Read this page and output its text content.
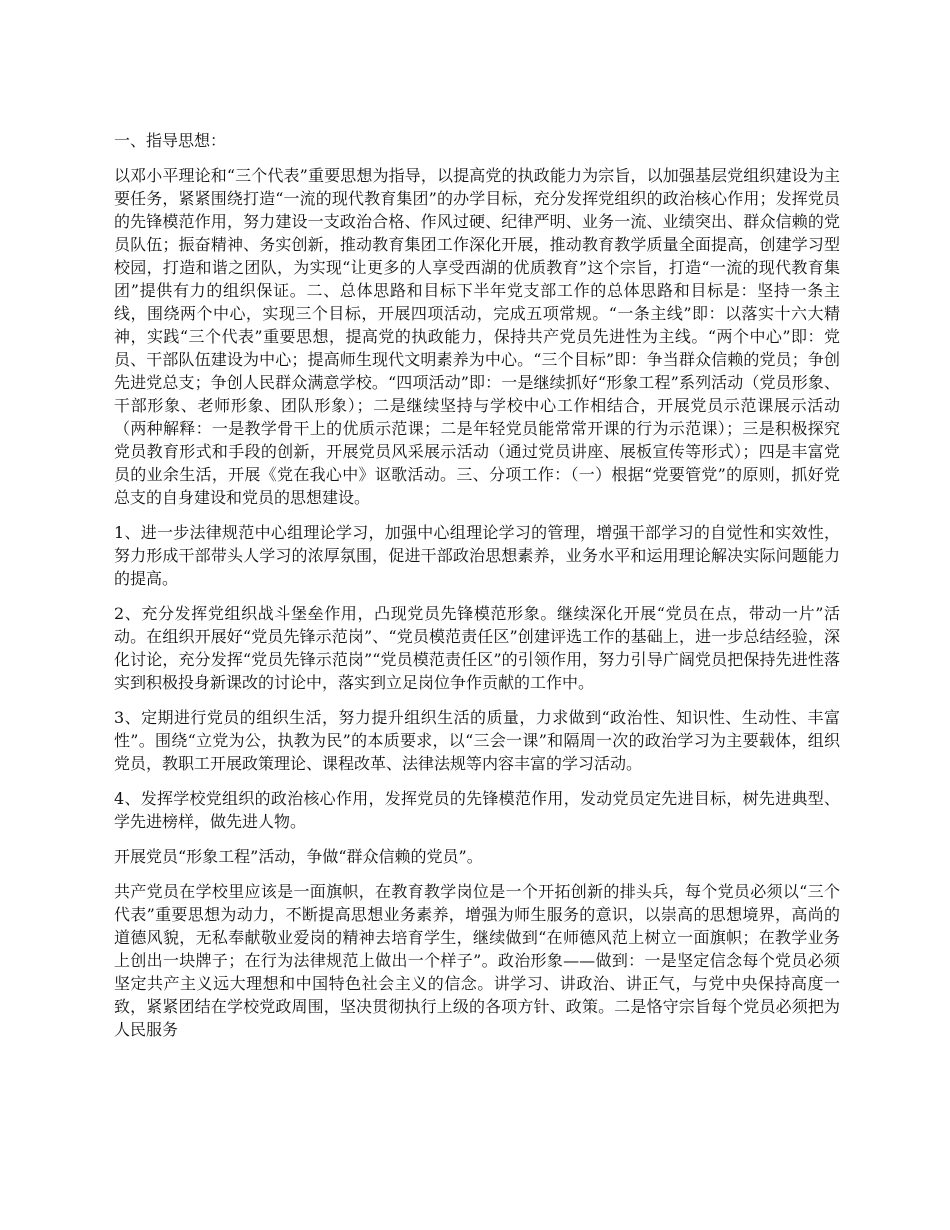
一、指导思想：

以邓小平理论和“三个代表”重要思想为指导，以提高党的执政能力为宗旨，以加强基层党组织建设为主要任务，紧紧围绕打造“一流的现代教育集团”的办学目标，充分发挥党组织的政治核心作用；发挥党员的先锋模范作用，努力建设一支政治合格、作风过硬、纪律严明、业务一流、业绩突出、群众信赖的党员队伍；振奋精神、务实创新，推动教育集团工作深化开展，推动教育教学质量全面提高，创建学习型校园，打造和谐之团队，为实现“让更多的人享受西湖的优质教育”这个宗旨，打造“一流的现代教育集团”提供有力的组织保证。二、总体思路和目标下半年党支部工作的总体思路和目标是：坚持一条主线，围绕两个中心，实现三个目标，开展四项活动，完成五项常规。“一条主线”即：以落实十六大精神，实践“三个代表”重要思想，提高党的执政能力，保持共产党员先进性为主线。“两个中心”即：党员、干部队伍建设为中心；提高师生现代文明素养为中心。“三个目标”即：争当群众信赖的党员；争创先进党总支；争创人民群众满意学校。“四项活动”即：一是继续抓好“形象工程”系列活动（党员形象、干部形象、老师形象、团队形象）；二是继续坚持与学校中心工作相结合，开展党员示范课展示活动（两种解释：一是教学骨干上的优质示范课；二是年轻党员能常常开课的行为示范课）；三是积极探究党员教育形式和手段的创新，开展党员风采展示活动（通过党员讲座、展板宣传等形式）；四是丰富党员的业余生活，开展《党在我心中》讴歌活动。三、分项工作：（一）根据“党要管党”的原则，抓好党总支的自身建设和党员的思想建设。

1、进一步法律规范中心组理论学习，加强中心组理论学习的管理，增强干部学习的自觉性和实效性，努力形成干部带头人学习的浓厚氛围，促进干部政治思想素养，业务水平和运用理论解决实际问题能力的提高。

2、充分发挥党组织战斗堡垒作用，凸现党员先锋模范形象。继续深化开展“党员在点，带动一片”活动。在组织开展好“党员先锋示范岗”、“党员模范责任区”创建评选工作的基础上，进一步总结经验，深化讨论，充分发挥“党员先锋示范岗”“党员模范责任区”的引领作用，努力引导广阔党员把保持先进性落实到积极投身新课改的讨论中，落实到立足岗位争作贡献的工作中。

3、定期进行党员的组织生活，努力提升组织生活的质量，力求做到“政治性、知识性、生动性、丰富性”。围绕“立党为公，执教为民”的本质要求，以“三会一课”和隔周一次的政治学习为主要载体，组织党员，教职工开展政策理论、课程改革、法律法规等内容丰富的学习活动。

4、发挥学校党组织的政治核心作用，发挥党员的先锋模范作用，发动党员定先进目标，树先进典型、学先进榜样，做先进人物。

开展党员“形象工程”活动，争做“群众信赖的党员”。

共产党员在学校里应该是一面旗帜，在教育教学岗位是一个开拓创新的排头兵，每个党员必须以“三个代表”重要思想为动力，不断提高思想业务素养，增强为师生服务的意识，以崇高的思想境界，高尚的道德风貌，无私奉献敬业爱岗的精神去培育学生，继续做到“在师德风范上树立一面旗帜；在教学业务上创出一块牌子；在行为法律规范上做出一个样子”。政治形象——做到：一是坚定信念每个党员必须坚定共产主义远大理想和中国特色社会主义的信念。讲学习、讲政治、讲正气，与党中央保持高度一致，紧紧团结在学校党政周围，坚决贯彻执行上级的各项方针、政策。二是恪守宗旨每个党员必须把为人民服务
